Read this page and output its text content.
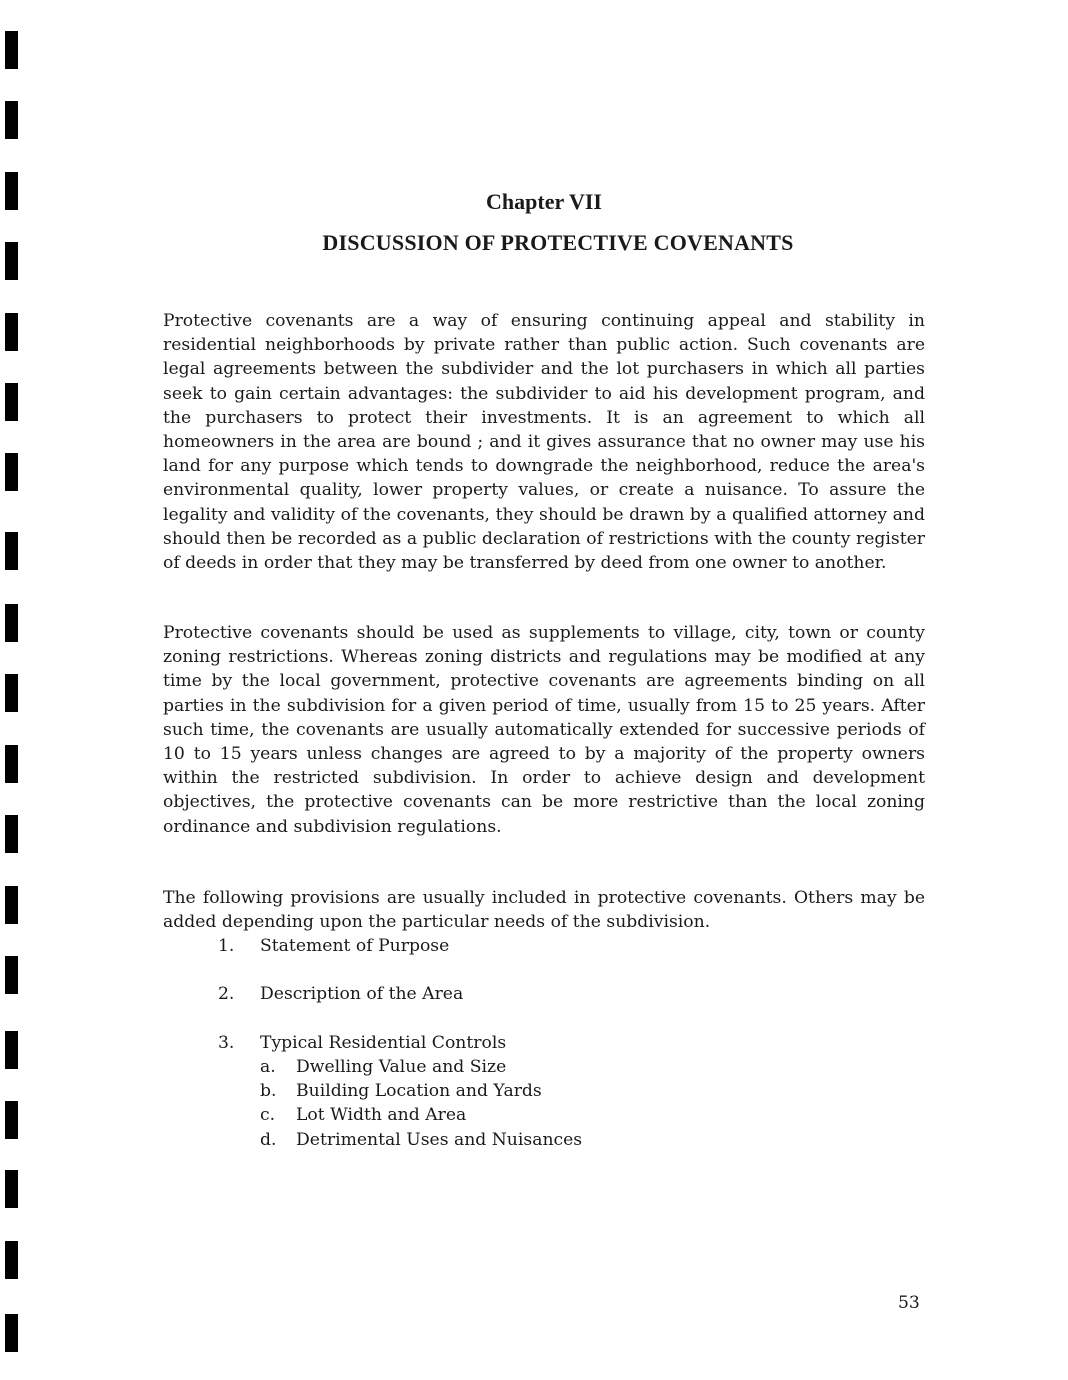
Chapter VII
DISCUSSION OF PROTECTIVE COVENANTS

Protective covenants are a way of ensuring continuing appeal and stability in residential neighborhoods by private rather than public action. Such covenants are legal agreements between the subdivider and the lot purchasers in which all parties seek to gain certain advantages: the subdivider to aid his development program, and the purchasers to protect their investments. It is an agreement to which all homeowners in the area are bound ; and it gives assurance that no owner may use his land for any purpose which tends to downgrade the neighborhood, reduce the area's environmental quality, lower property values, or create a nuisance. To assure the legality and validity of the covenants, they should be drawn by a qualified attorney and should then be recorded as a public declaration of restrictions with the county register of deeds in order that they may be transferred by deed from one owner to another.

Protective covenants should be used as supplements to village, city, town or county zoning restrictions. Whereas zoning districts and regulations may be modified at any time by the local government, protective covenants are agreements binding on all parties in the subdivision for a given period of time, usually from 15 to 25 years. After such time, the covenants are usually automatically extended for successive periods of 10 to 15 years unless changes are agreed to by a majority of the property owners within the restricted subdivision. In order to achieve design and development objectives, the protective covenants can be more restrictive than the local zoning ordinance and subdivision regulations.

The following provisions are usually included in protective covenants. Others may be added depending upon the particular needs of the subdivision.

1. Statement of Purpose
2. Description of the Area
3. Typical Residential Controls
a. Dwelling Value and Size
b. Building Location and Yards
c. Lot Width and Area
d. Detrimental Uses and Nuisances
53
